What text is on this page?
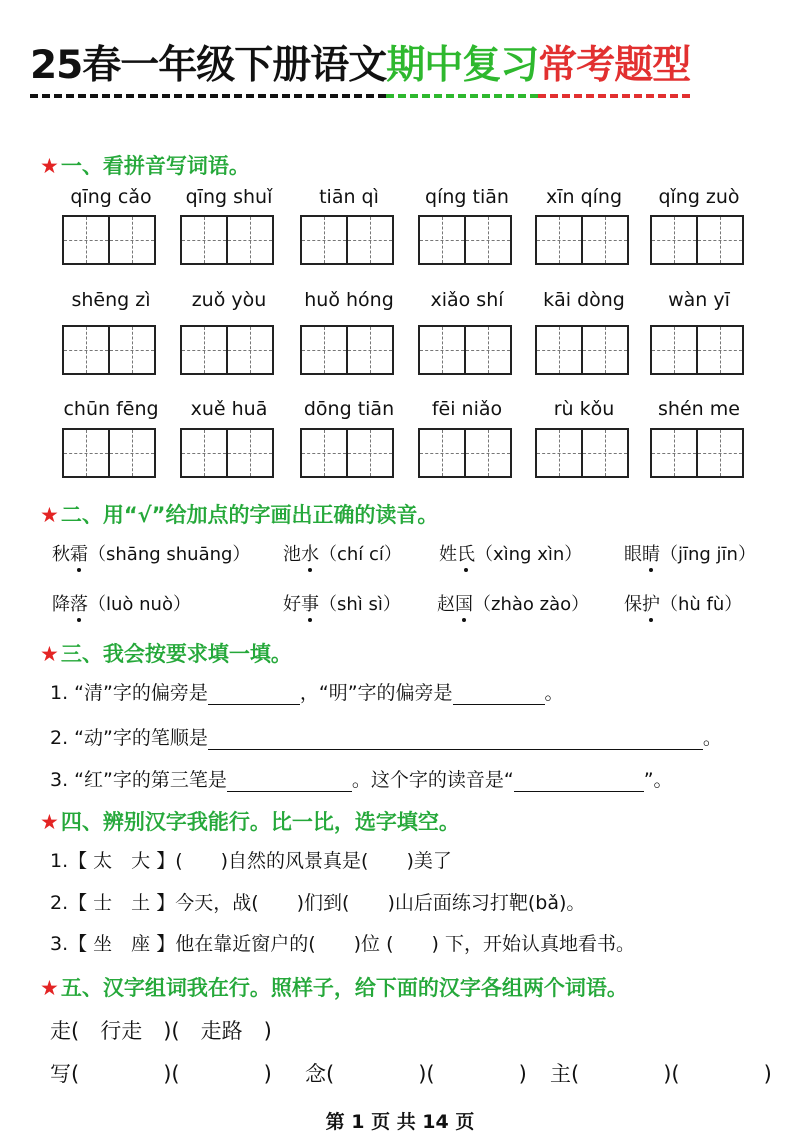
25春一年级下册语文期中复习常考题型
★一、看拼音写词语。
qīng cǎo	qīng shuǐ	tiān qì	qíng tiān	xīn qíng	qǐng zuò
shēng zì	zuǒ yòu	huǒ hóng	xiǎo shí	kāi dòng	wàn yī
chūn fēng	xuě huā	dōng tiān	fēi niǎo	rù kǒu	shén me
★二、用“√”给加点的字画出正确的读音。
秋霜（shāng shuāng） 池水（chí cí） 姓氏（xìng xìn） 眼睛（jīng jīn）
降落（luò nuò）	好事（shì sì） 赵国（zhào zào） 保护（hù fù）
★三、我会按要求填一填。
1. “清”字的偏旁是	，“明”字的偏旁是	。
2. “动”字的笔顺是	。
3. “红”字的第三笔是	。这个字的读音是“	”。
★四、辨别汉字我能行。比一比，选字填空。
1.【 太　大 】(　　)自然的风景真是(　　)美了
2.【 士　土 】今天，战(　　)们到(　　)山后面练习打靶(bǎ)。
3.【 坐　座 】他在靠近窗户的(　　)位 (　　) 下，开始认真地看书。
★五、汉字组词我在行。照样子，给下面的汉字各组两个词语。
走(　行走　)(　走路　)
写(　　　　)(　　　　) 念(　　　　)(　　　　) 主(　　　　)(　　　　)
第 1 页 共 14 页
